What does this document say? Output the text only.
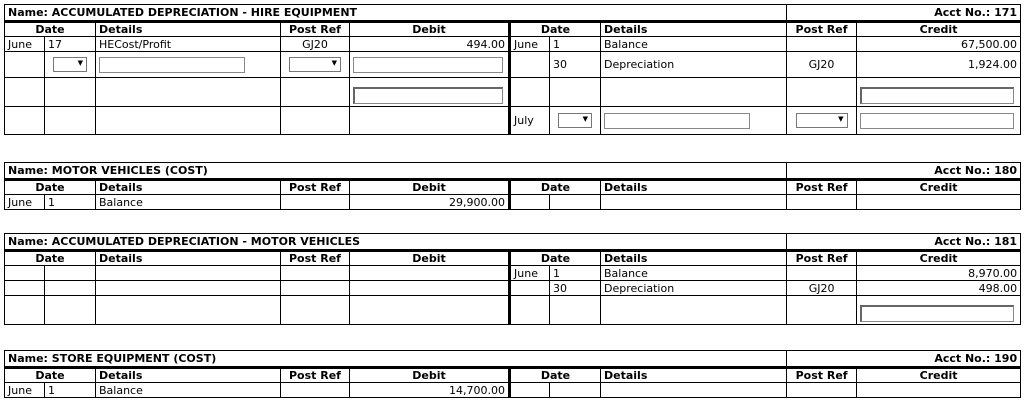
Name: ACCUMULATED DEPRECIATION - HIRE EQUIPMENT								Acct No.: 171	
Date		Details	Post Ref	Debit	Date		Details	Post Ref	Credit
June	17	HECost/Profit	GJ20	494.00	June	1	Balance		67,500.00
	▼		▼			30	Depreciation	GJ20	1,924.00

					July	▼		▼	
Name: MOTOR VEHICLES (COST)								Acct No.: 180	
Date		Details	Post Ref	Debit	Date		Details	Post Ref	Credit
June	1	Balance		29,900.00					
Name: ACCUMULATED DEPRECIATION - MOTOR VEHICLES								Acct No.: 181	
Date		Details	Post Ref	Debit	Date		Details	Post Ref	Credit
					June	1	Balance		8,970.00
						30	Depreciation	GJ20	498.00

Name: STORE EQUIPMENT (COST)								Acct No.: 190	
Date		Details	Post Ref	Debit	Date		Details	Post Ref	Credit
June	1	Balance		14,700.00					
